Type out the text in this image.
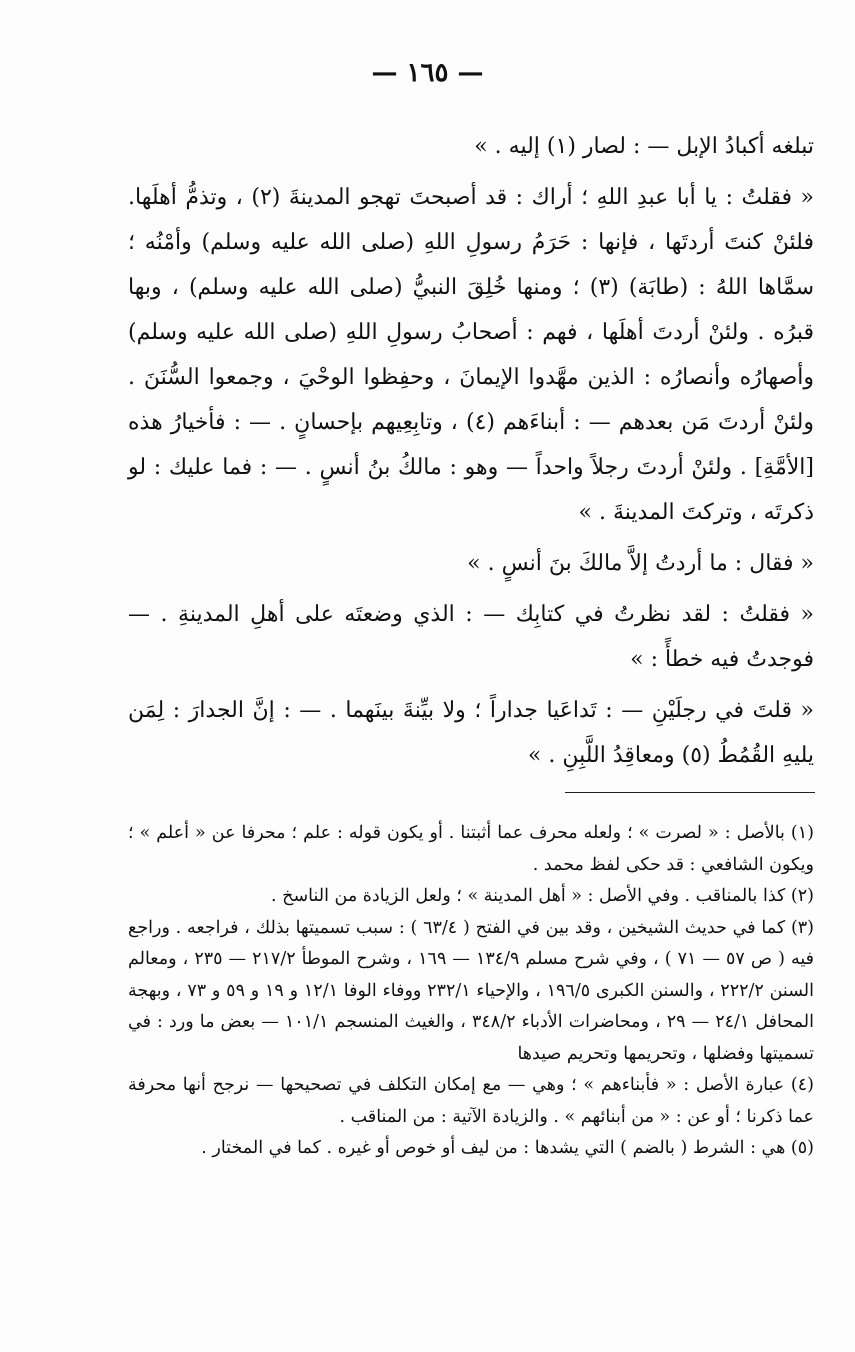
— ١٦٥ —

تبلغه أكبادُ الإبل — : لصار (١) إليه . »

« فقلتُ : يا أبا عبدِ اللهِ ؛ أراك : قد أصبحتَ تهجو المدينةَ (٢) ، وتذمُّ أهلَها. فلئنْ كنتَ أردتَها ، فإنها : حَرَمُ رسولِ اللهِ (صلى الله عليه وسلم) وأمْنُه ؛ سمَّاها اللهُ : (طابَة) (٣) ؛ ومنها خُلِقَ النبيُّ (صلى الله عليه وسلم) ، وبها قبرُه . ولئنْ أردتَ أهلَها ، فهم : أصحابُ رسولِ اللهِ (صلى الله عليه وسلم) وأصهارُه وأنصارُه : الذين مهَّدوا الإيمانَ ، وحفِظوا الوحْيَ ، وجمعوا السُّنَنَ . ولئنْ أردتَ مَن بعدهم — : أبناءَهم (٤) ، وتابِعِيهم بإحسانٍ . — : فأخيارُ هذه [الأمَّةِ] . ولئنْ أردتَ رجلاً واحداً — وهو : مالكُ بنُ أنسٍ . — : فما عليك : لو ذكرتَه ، وتركتَ المدينةَ . »

« فقال : ما أردتُ إلاَّ مالكَ بنَ أنسٍ . »

« فقلتُ : لقد نظرتُ في كتابِك — : الذي وضعتَه على أهلِ المدينةِ . — فوجدتُ فيه خطأً : »

« قلتَ في رجلَيْنِ — : تَداعَيا جداراً ؛ ولا بيِّنةَ بينَهما . — : إنَّ الجدارَ : لِمَن يليهِ القُمُطُ (٥) ومعاقِدُ اللَّبِنِ . »

(١) بالأصل : « لصرت » ؛ ولعله محرف عما أثبتنا . أو يكون قوله : علم ؛ محرفا عن « أعلم » ؛ ويكون الشافعي : قد حكى لفظ محمد .

(٢) كذا بالمناقب . وفي الأصل : « أهل المدينة » ؛ ولعل الزيادة من الناسخ .

(٣) كما في حديث الشيخين ، وقد بين في الفتح ( ٦٣/٤ ) : سبب تسميتها بذلك ، فراجعه . وراجع فيه ( ص ٥٧ — ٧١ ) ، وفي شرح مسلم ١٣٤/٩ — ١٦٩ ، وشرح الموطأ ٢١٧/٢ — ٢٣٥ ، ومعالم السنن ٢٢٢/٢ ، والسنن الكبرى ١٩٦/٥ ، والإحياء ٢٣٢/١ ووفاء الوفا ١٢/١ و ١٩ و ٥٩ و ٧٣ ، وبهجة المحافل ٢٤/١ — ٢٩ ، ومحاضرات الأدباء ٣٤٨/٢ ، والغيث المنسجم ١٠١/١ — بعض ما ورد : في تسميتها وفضلها ، وتحريمها وتحريم صيدها

(٤) عبارة الأصل : « فأبناءهم » ؛ وهي — مع إمكان التكلف في تصحيحها — نرجح أنها محرفة عما ذكرنا ؛ أو عن : « من أبنائهم » . والزيادة الآتية : من المناقب .

(٥) هي : الشرط ( بالضم ) التي يشدها : من ليف أو خوص أو غيره . كما في المختار .
